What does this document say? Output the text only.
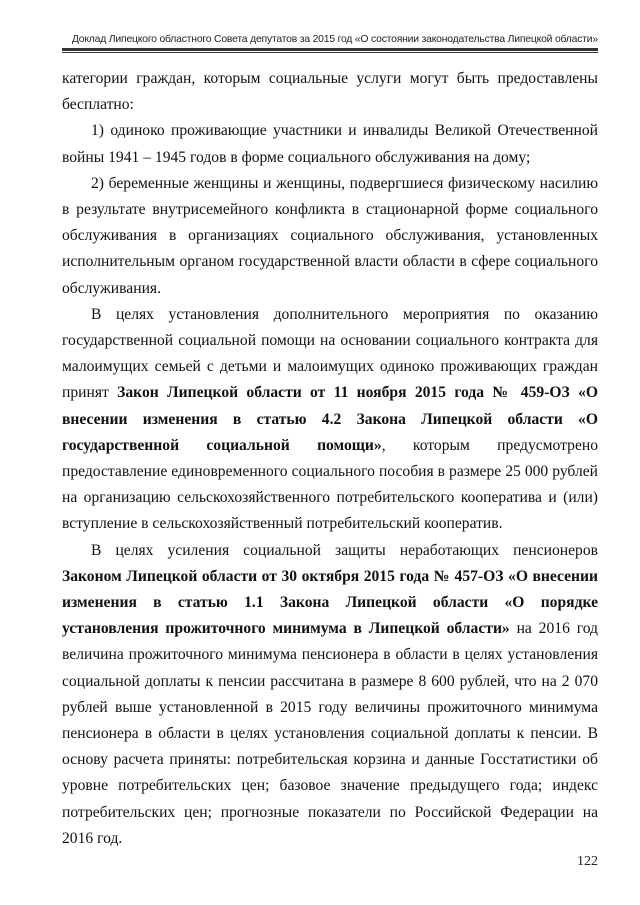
Доклад Липецкого областного Совета депутатов за 2015 год «О состоянии законодательства Липецкой области»

категории граждан, которым социальные услуги могут быть предоставлены бесплатно:

1) одиноко проживающие участники и инвалиды Великой Отечественной войны 1941 – 1945 годов в форме социального обслуживания на дому;

2) беременные женщины и женщины, подвергшиеся физическому насилию в результате внутрисемейного конфликта в стационарной форме социального обслуживания в организациях социального обслуживания, установленных исполнительным органом государственной власти области в сфере социального обслуживания.

В целях установления дополнительного мероприятия по оказанию государственной социальной помощи на основании социального контракта для малоимущих семьей с детьми и малоимущих одиноко проживающих граждан принят Закон Липецкой области от 11 ноября 2015 года № 459-ОЗ «О внесении изменения в статью 4.2 Закона Липецкой области «О государственной социальной помощи», которым предусмотрено предоставление единовременного социального пособия в размере 25 000 рублей на организацию сельскохозяйственного потребительского кооператива и (или) вступление в сельскохозяйственный потребительский кооператив.

В целях усиления социальной защиты неработающих пенсионеров Законом Липецкой области от 30 октября 2015 года № 457-ОЗ «О внесении изменения в статью 1.1 Закона Липецкой области «О порядке установления прожиточного минимума в Липецкой области» на 2016 год величина прожиточного минимума пенсионера в области в целях установления социальной доплаты к пенсии рассчитана в размере 8 600 рублей, что на 2 070 рублей выше установленной в 2015 году величины прожиточного минимума пенсионера в области в целях установления социальной доплаты к пенсии. В основу расчета приняты: потребительская корзина и данные Госстатистики об уровне потребительских цен; базовое значение предыдущего года; индекс потребительских цен; прогнозные показатели по Российской Федерации на 2016 год.

122
